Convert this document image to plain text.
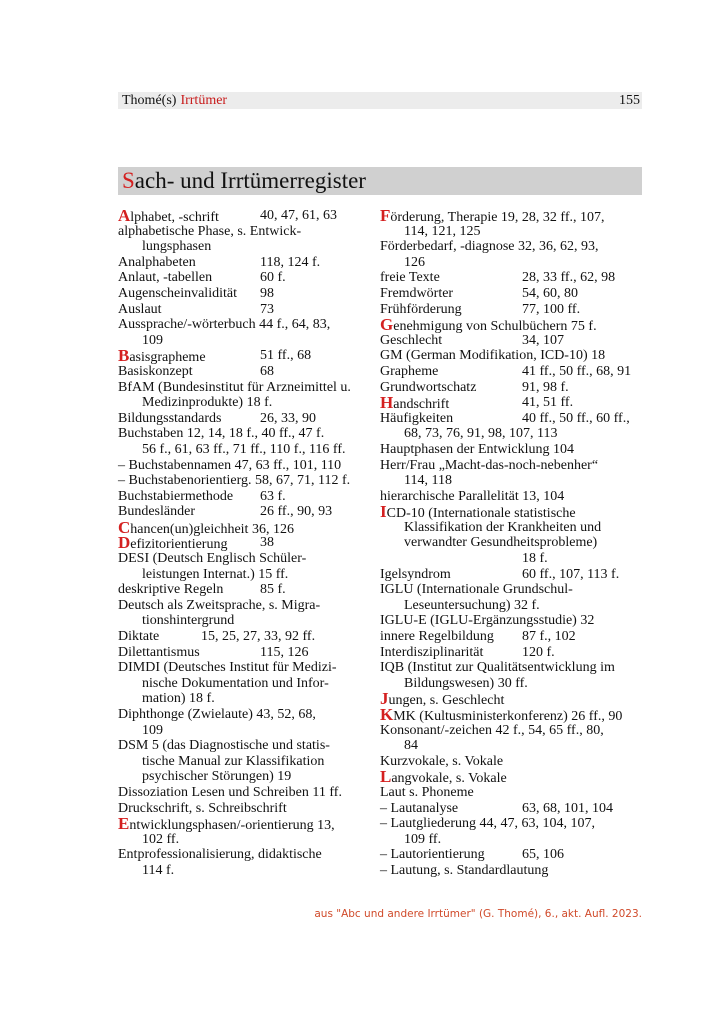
Thomé(s) Irrtümer	155
Sach- und Irrtümerregister
Alphabet, -schrift	40, 47, 61, 63
alphabetische Phase, s. Entwick-
lungsphasen
Analphabeten	118, 124 f.
Anlaut, -tabellen	60 f.
Augenscheinvalidität 98
Auslaut	73
Aussprache/-wörterbuch 44 f., 64, 83,
109
Basisgrapheme	51 ff., 68
Basiskonzept	68
BfAM (Bundesinstitut für Arzneimittel u.
Medizinprodukte) 18 f.
Bildungsstandards	26, 33, 90
Buchstaben 12, 14, 18 f., 40 ff., 47 f.
56 f., 61, 63 ff., 71 ff., 110 f., 116 ff.
– Buchstabennamen 47, 63 ff., 101, 110
– Buchstabenorientierg. 58, 67, 71, 112 f.
Buchstabiermethode 63 f.
Bundesländer	26 ff., 90, 93
Chancen(un)gleichheit 36, 126
Defizitorientierung 38
DESI (Deutsch Englisch Schüler-
leistungen Internat.) 15 ff.
deskriptive Regeln	85 f.
Deutsch als Zweitsprache, s. Migra-
tionshintergrund
Diktate	15, 25, 27, 33, 92 ff.
Dilettantismus	115, 126
DIMDI (Deutsches Institut für Medizi-
nische Dokumentation und Infor-
mation) 18 f.
Diphthonge (Zwielaute) 43, 52, 68,
109
DSM 5 (das Diagnostische und statis-
tische Manual zur Klassifikation
psychischer Störungen) 19
Dissoziation Lesen und Schreiben 11 ff.
Druckschrift, s. Schreibschrift
Entwicklungsphasen/-orientierung 13,
102 ff.
Entprofessionalisierung, didaktische
114 f.
Förderung, Therapie 19, 28, 32 ff., 107,
114, 121, 125
Förderbedarf, -diagnose 32, 36, 62, 93,
126
freie Texte	28, 33 ff., 62, 98
Fremdwörter	54, 60, 80
Frühförderung	77, 100 ff.
Genehmigung von Schulbüchern 75 f.
Geschlecht	34, 107
GM (German Modifikation, ICD-10) 18
Grapheme	41 ff., 50 ff., 68, 91
Grundwortschatz	91, 98 f.
Handschrift	41, 51 ff.
Häufigkeiten	40 ff., 50 ff., 60 ff.,
68, 73, 76, 91, 98, 107, 113
Hauptphasen der Entwicklung 104
Herr/Frau „Macht-das-noch-nebenher“
114, 118
hierarchische Parallelität 13, 104
ICD-10 (Internationale statistische
Klassifikation der Krankheiten und
verwandter Gesundheitsprobleme)
18 f.
Igelsyndrom	60 ff., 107, 113 f.
IGLU (Internationale Grundschul-
Leseuntersuchung) 32 f.
IGLU-E (IGLU-Ergänzungsstudie) 32
innere Regelbildung 87 f., 102
Interdisziplinarität	120 f.
IQB (Institut zur Qualitätsentwicklung im
Bildungswesen) 30 ff.
Jungen, s. Geschlecht
KMK (Kultusministerkonferenz) 26 ff., 90
Konsonant/-zeichen 42 f., 54, 65 ff., 80,
84
Kurzvokale, s. Vokale
Langvokale, s. Vokale
Laut s. Phoneme
– Lautanalyse	63, 68, 101, 104
– Lautgliederung 44, 47, 63, 104, 107,
109 ff.
– Lautorientierung	65, 106
– Lautung, s. Standardlautung
aus "Abc und andere Irrtümer" (G. Thomé), 6., akt. Aufl. 2023.
